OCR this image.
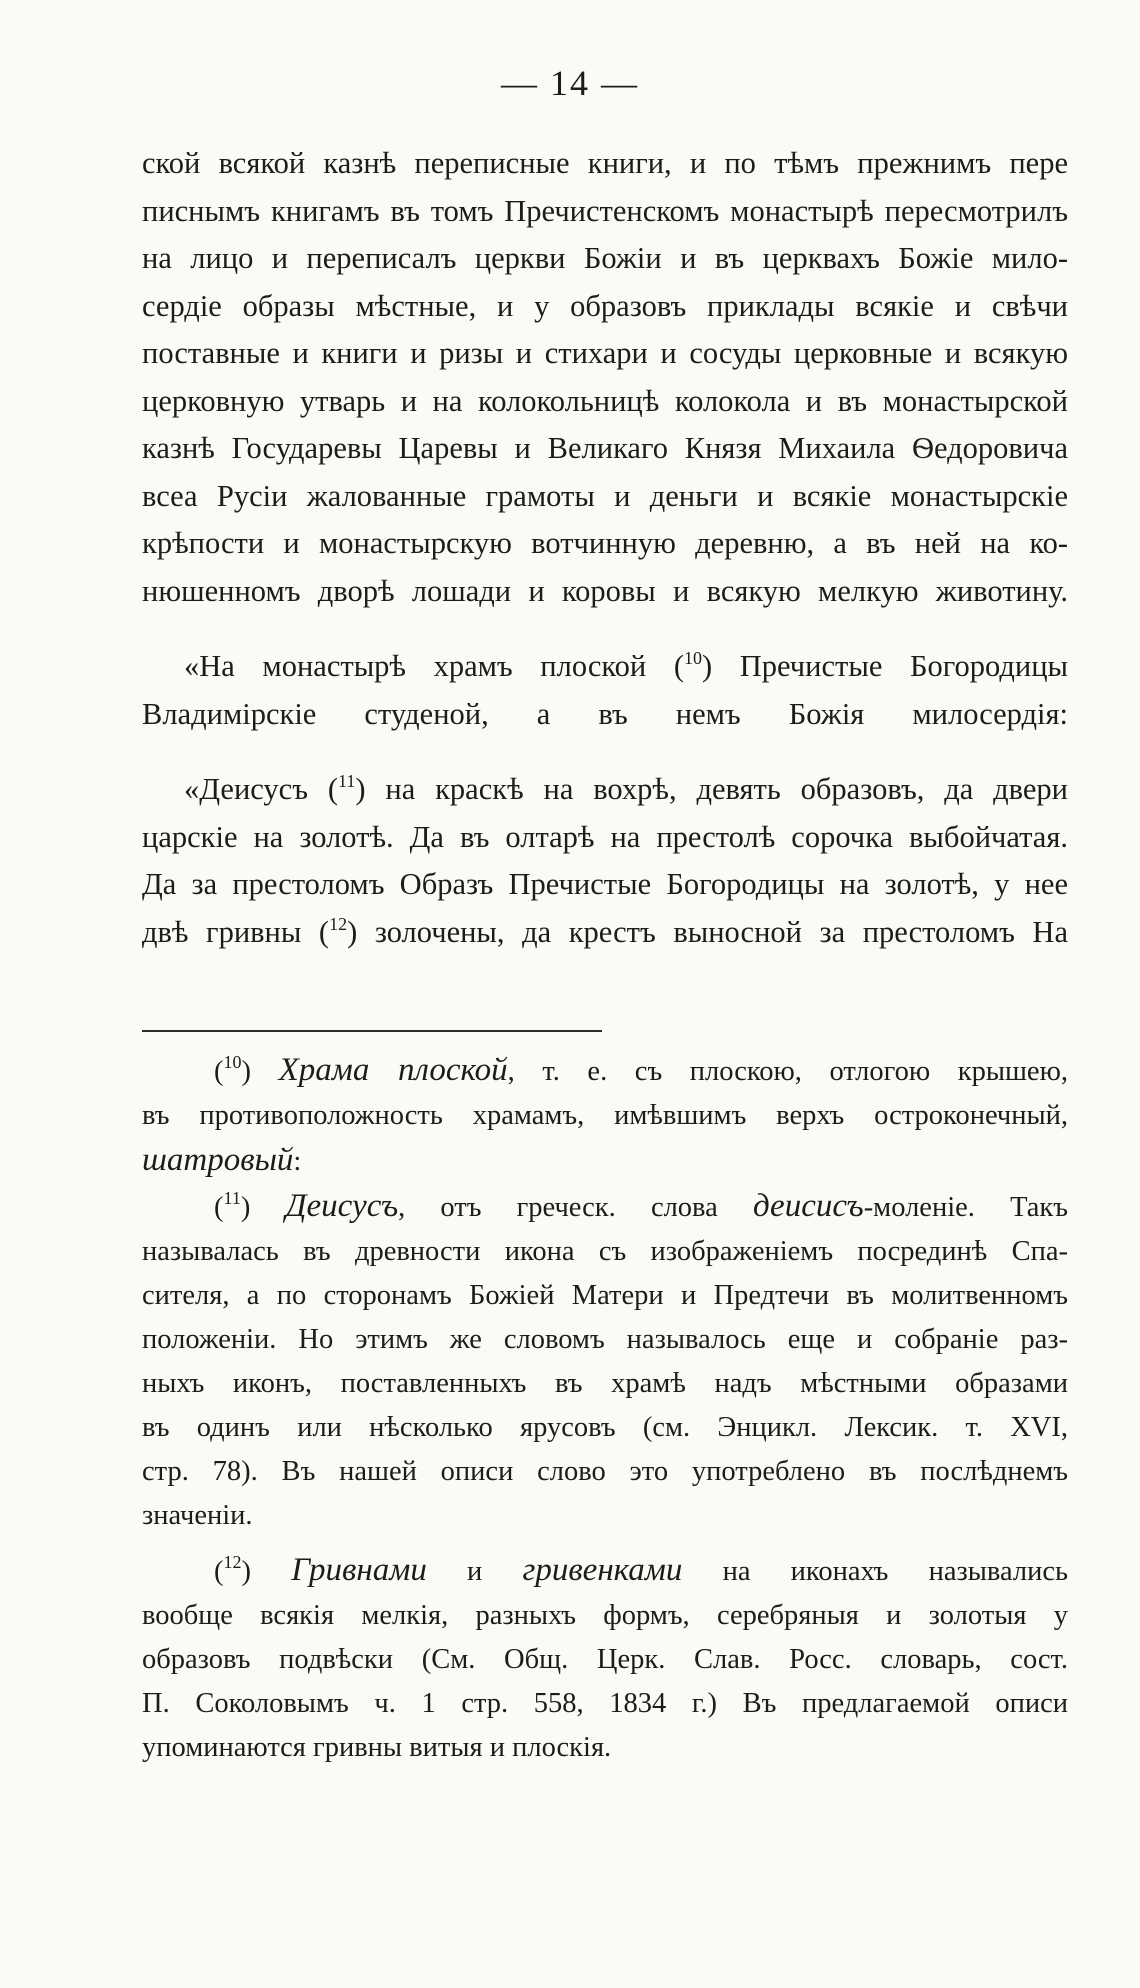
— 14 —

ской всякой казнѣ переписные книги, и по тѣмъ прежнимъ пере

писнымъ книгамъ въ томъ Пречистенскомъ монастырѣ пересмотрилъ

на лицо и переписалъ церкви Божіи и въ церквахъ Божіе мило-

сердіе образы мѣстные, и у образовъ приклады всякіе и свѣчи

поставные и книги и ризы и стихари и сосуды церковные и всякую

церковную утварь и на колокольницѣ колокола и въ монастырской

казнѣ Государевы Царевы и Великаго Князя Михаила Ѳедоровича

всеа Русіи жалованные грамоты и деньги и всякіе монастырскіе

крѣпости и монастырскую вотчинную деревню, а въ ней на ко-

нюшенномъ дворѣ лошади и коровы и всякую мелкую животину.

«На монастырѣ храмъ плоской ($^{10}$) Пречистые Богородицы

Владимірскіе студеной, а въ немъ Божія милосердія:

«Деисусъ ($^{11}$) на краскѣ на вохрѣ, девять образовъ, да двери

царскіе на золотѣ. Да въ олтарѣ на престолѣ сорочка выбойчатая.

Да за престоломъ Образъ Пречистые Богородицы на золотѣ, у нее

двѣ гривны ($^{12}$) золочены, да крестъ выносной за престоломъ На

($^{10}$) Храма плоской, т. е. съ плоскою, отлогою крышею,

въ противоположность храмамъ, имѣвшимъ верхъ остроконечный,

шатровый:

($^{11}$) Деисусъ, отъ греческ. слова деисисъ-моленіе. Такъ

называлась въ древности икона съ изображеніемъ посрединѣ Спа-

сителя, а по сторонамъ Божіей Матери и Предтечи въ молитвенномъ

положеніи. Но этимъ же словомъ называлось еще и собраніе раз-

ныхъ иконъ, поставленныхъ въ храмѣ надъ мѣстными образами

въ одинъ или нѣсколько ярусовъ (см. Энцикл. Лексик. т. XVI,

стр. 78). Въ нашей описи слово это употреблено въ послѣднемъ

значеніи.

($^{12}$) Гривнами и гривенками на иконахъ назывались

вообще всякія мелкія, разныхъ формъ, серебряныя и золотыя у

образовъ подвѣски (См. Общ. Церк. Слав. Росс. словарь, сост.

П. Соколовымъ ч. 1 стр. 558, 1834 г.) Въ предлагаемой описи

упоминаются гривны витыя и плоскія.
